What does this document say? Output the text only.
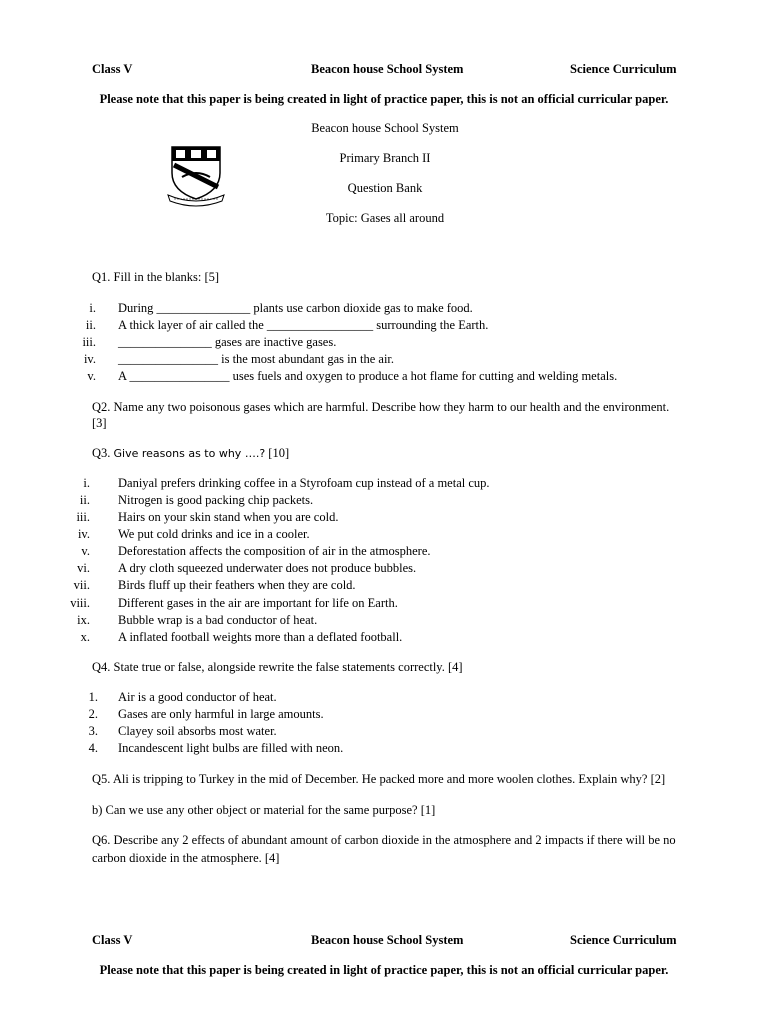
Class V	Beacon house School System	Science Curriculum
Please note that this paper is being created in light of practice paper, this is not an official curricular paper.
Beacon house School System
Primary Branch II
Question Bank
Topic: Gases all around
Q1. Fill in the blanks: [5]
i. During _______________ plants use carbon dioxide gas to make food.
ii. A thick layer of air called the _________________ surrounding the Earth.
iii. _______________ gases are inactive gases.
iv. ________________ is the most abundant gas in the air.
v. A ________________ uses fuels and oxygen to produce a hot flame for cutting and welding metals.
Q2. Name any two poisonous gases which are harmful. Describe how they harm to our health and the environment.
[3]
Q3. Give reasons as to why ….? [10]
i. Daniyal prefers drinking coffee in a Styrofoam cup instead of a metal cup.
ii. Nitrogen is good packing chip packets.
iii. Hairs on your skin stand when you are cold.
iv. We put cold drinks and ice in a cooler.
v. Deforestation affects the composition of air in the atmosphere.
vi. A dry cloth squeezed underwater does not produce bubbles.
vii. Birds fluff up their feathers when they are cold.
viii. Different gases in the air are important for life on Earth.
ix. Bubble wrap is a bad conductor of heat.
x. A inflated football weights more than a deflated football.
Q4. State true or false, alongside rewrite the false statements correctly. [4]
1. Air is a good conductor of heat.
2. Gases are only harmful in large amounts.
3. Clayey soil absorbs most water.
4. Incandescent light bulbs are filled with neon.
Q5. Ali is tripping to Turkey in the mid of December. He packed more and more woolen clothes. Explain why? [2]
b) Can we use any other object or material for the same purpose? [1]
Q6. Describe any 2 effects of abundant amount of carbon dioxide in the atmosphere and 2 impacts if there will be no
carbon dioxide in the atmosphere. [4]
Class V	Beacon house School System	Science Curriculum
Please note that this paper is being created in light of practice paper, this is not an official curricular paper.
